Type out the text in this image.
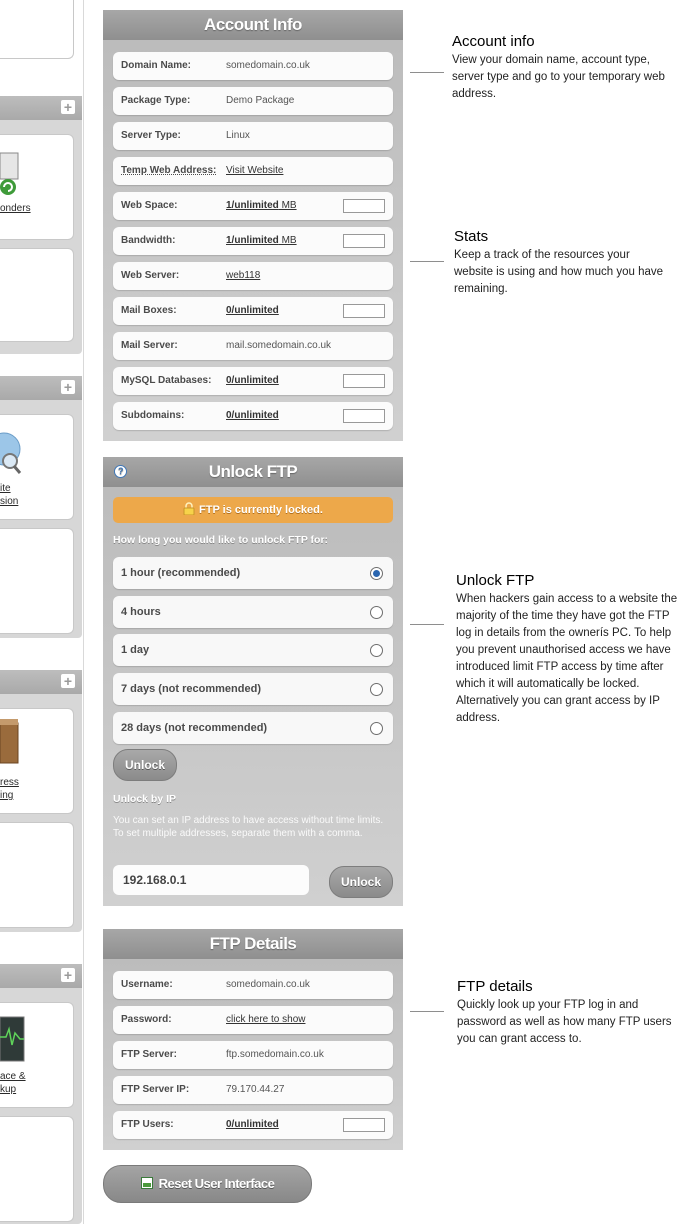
+
onders
+
ite
sion
+
ress
ing
+
ace &
kup
Account Info
Domain Name:	somedomain.co.uk
Package Type:	Demo Package
Server Type:	Linux
Temp Web Address: Visit Website
Web Space:	1/unlimited MB
Bandwidth:	1/unlimited MB
Web Server:	web118
Mail Boxes:	0/unlimited
Mail Server:	mail.somedomain.co.uk
MySQL Databases: 0/unlimited
Subdomains:	0/unlimited
?	Unlock FTP
FTP is currently locked.
How long you would like to unlock FTP for:
1 hour (recommended)
4 hours
1 day
7 days (not recommended)
28 days (not recommended)
Unlock
Unlock by IP
You can set an IP address to have access without time limits. To set multiple addresses, separate them with a comma.
192.168.0.1
Unlock
FTP Details
Username:	somedomain.co.uk
Password:	click here to show
FTP Server:	ftp.somedomain.co.uk
FTP Server IP:	79.170.44.27
FTP Users:	0/unlimited
Reset User Interface
Account info
View your domain name, account type, server type and go to your temporary web address.
Stats
Keep a track of the resources your website is using and how much you have remaining.
Unlock FTP
When hackers gain access to a website the majority of the time they have got the FTP log in details from the ownerís PC. To help you prevent unauthorised access we have introduced limit FTP access by time after which it will automatically be locked. Alternatively you can grant access by IP address.
FTP details
Quickly look up your FTP log in and password as well as how many FTP users you can grant access to.
